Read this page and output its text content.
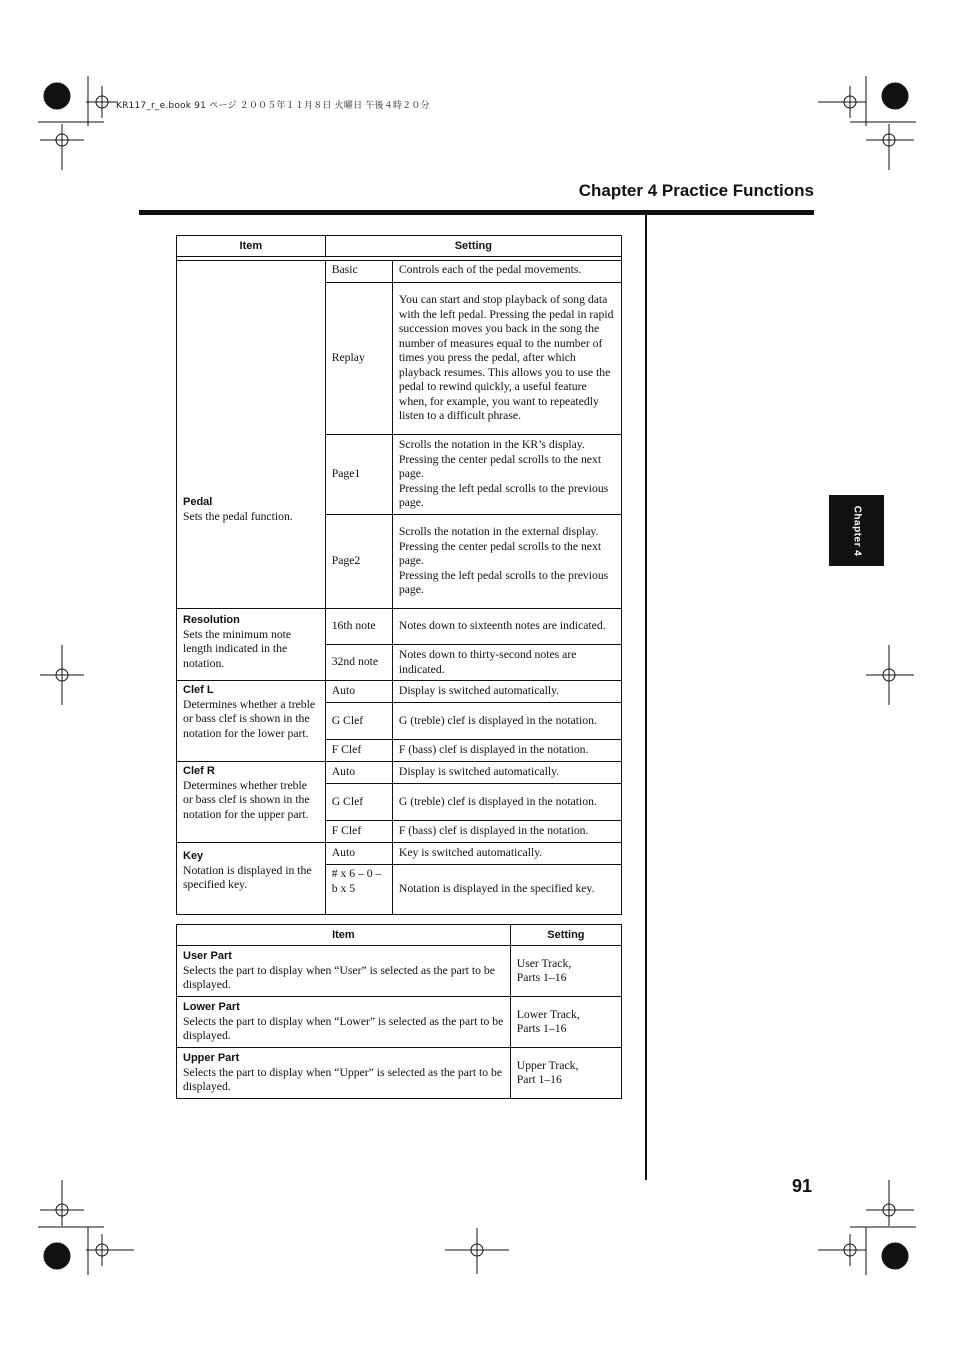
KR117_r_e.book 91 ページ ２００５年１１月８日 火曜日 午後４時２０分
Chapter 4 Practice Functions
Chapter 4
Item	Setting	

Pedal
Sets the pedal function.	Basic	Controls each of the pedal movements.
	Replay	You can start and stop playback of song data with the left pedal. Pressing the pedal in rapid succession moves you back in the song the number of measures equal to the number of times you press the pedal, after which playback resumes. This allows you to use the pedal to rewind quickly, a useful feature when, for example, you want to repeatedly listen to a difficult phrase.
	Page1	Scrolls the notation in the KR’s display.
Pressing the center pedal scrolls to the next page.
Pressing the left pedal scrolls to the previous page.

	Page2	Scrolls the notation in the external display.
Pressing the center pedal scrolls to the next page.
Pressing the left pedal scrolls to the previous page.

Resolution
Sets the minimum note length indicated in the notation.	16th note	Notes down to sixteenth notes are indicated.
	32nd note	Notes down to thirty-second notes are indicated.

Clef L
Determines whether a treble or bass clef is shown in the notation for the lower part.	Auto	Display is switched automatically.
	G Clef	G (treble) clef is displayed in the notation.
	F Clef	F (bass) clef is displayed in the notation.

Clef R
Determines whether treble or bass clef is shown in the notation for the upper part.	Auto	Display is switched automatically.
	G Clef	G (treble) clef is displayed in the notation.
	F Clef	F (bass) clef is displayed in the notation.

Key
Notation is displayed in the
specified key.	Auto	Key is switched automatically.
	# x 6 – 0 – b x 5	Notation is displayed in the specified key.
Item	Setting

User Part
Selects the part to display when “User” is selected as the part to be displayed.	User Track,
Parts 1–16

Lower Part
Selects the part to display when “Lower” is selected as the part to be displayed.	Lower Track,
Parts 1–16

Upper Part
Selects the part to display when “Upper” is selected as the part to be displayed.	Upper Track,
Part 1–16
91
